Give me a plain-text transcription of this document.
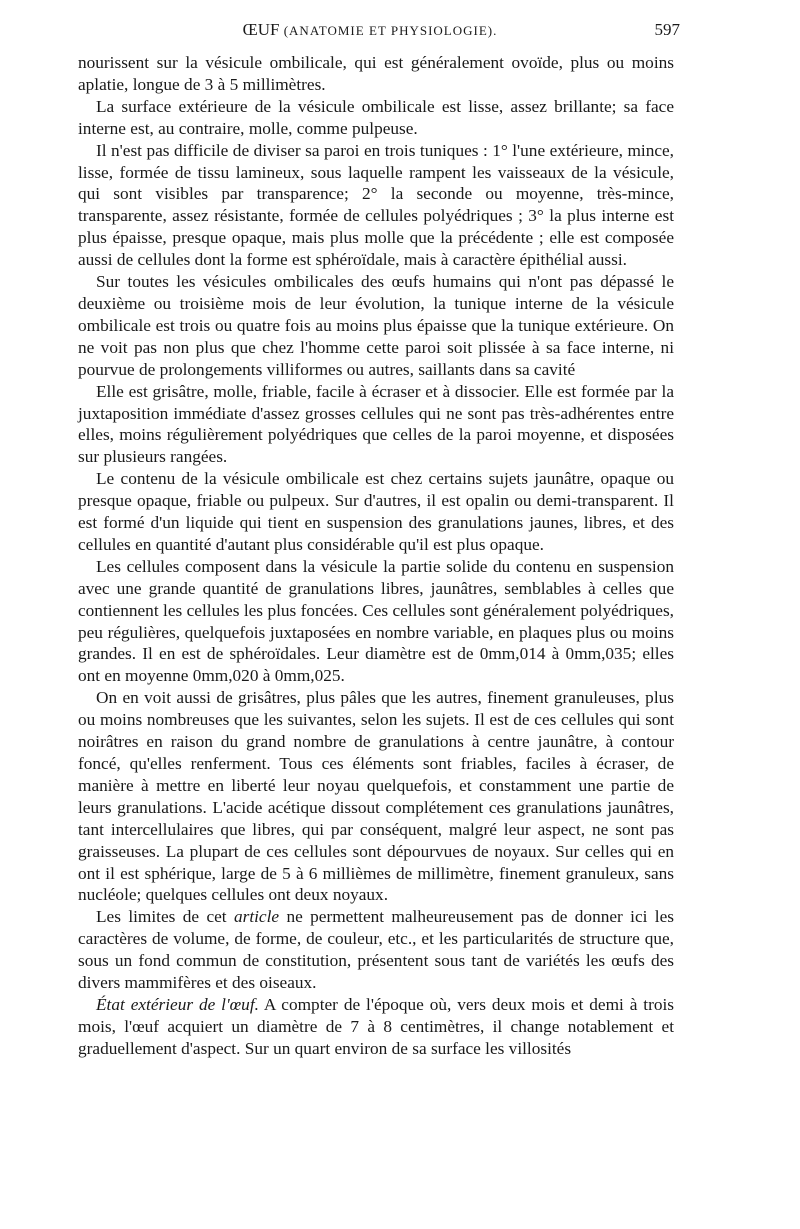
ŒUF (ANATOMIE ET PHYSIOLOGIE).	597

nourissent sur la vésicule ombilicale, qui est généralement ovoïde, plus ou moins aplatie, longue de 3 à 5 millimètres.

La surface extérieure de la vésicule ombilicale est lisse, assez brillante; sa face interne est, au contraire, molle, comme pulpeuse.

Il n'est pas difficile de diviser sa paroi en trois tuniques : 1° l'une extérieure, mince, lisse, formée de tissu lamineux, sous laquelle rampent les vaisseaux de la vésicule, qui sont visibles par transparence; 2° la seconde ou moyenne, très-mince, transparente, assez résistante, formée de cellules polyédriques ; 3° la plus interne est plus épaisse, presque opaque, mais plus molle que la précédente ; elle est composée aussi de cellules dont la forme est sphéroïdale, mais à caractère épithélial aussi.

Sur toutes les vésicules ombilicales des œufs humains qui n'ont pas dépassé le deuxième ou troisième mois de leur évolution, la tunique interne de la vésicule ombilicale est trois ou quatre fois au moins plus épaisse que la tunique extérieure. On ne voit pas non plus que chez l'homme cette paroi soit plissée à sa face interne, ni pourvue de prolongements villiformes ou autres, saillants dans sa cavité

Elle est grisâtre, molle, friable, facile à écraser et à dissocier. Elle est formée par la juxtaposition immédiate d'assez grosses cellules qui ne sont pas très-adhérentes entre elles, moins régulièrement polyédriques que celles de la paroi moyenne, et disposées sur plusieurs rangées.

Le contenu de la vésicule ombilicale est chez certains sujets jaunâtre, opaque ou presque opaque, friable ou pulpeux. Sur d'autres, il est opalin ou demi-transparent. Il est formé d'un liquide qui tient en suspension des granulations jaunes, libres, et des cellules en quantité d'autant plus considérable qu'il est plus opaque.

Les cellules composent dans la vésicule la partie solide du contenu en suspension avec une grande quantité de granulations libres, jaunâtres, semblables à celles que contiennent les cellules les plus foncées. Ces cellules sont généralement polyédriques, peu régulières, quelquefois juxtaposées en nombre variable, en plaques plus ou moins grandes. Il en est de sphéroïdales. Leur diamètre est de 0mm,014 à 0mm,035; elles ont en moyenne 0mm,020 à 0mm,025.

On en voit aussi de grisâtres, plus pâles que les autres, finement granuleuses, plus ou moins nombreuses que les suivantes, selon les sujets. Il est de ces cellules qui sont noirâtres en raison du grand nombre de granulations à centre jaunâtre, à contour foncé, qu'elles renferment. Tous ces éléments sont friables, faciles à écraser, de manière à mettre en liberté leur noyau quelquefois, et constamment une partie de leurs granulations. L'acide acétique dissout complétement ces granulations jaunâtres, tant intercellulaires que libres, qui par conséquent, malgré leur aspect, ne sont pas graisseuses. La plupart de ces cellules sont dépourvues de noyaux. Sur celles qui en ont il est sphérique, large de 5 à 6 millièmes de millimètre, finement granuleux, sans nucléole; quelques cellules ont deux noyaux.

Les limites de cet article ne permettent malheureusement pas de donner ici les caractères de volume, de forme, de couleur, etc., et les particularités de structure que, sous un fond commun de constitution, présentent sous tant de variétés les œufs des divers mammifères et des oiseaux.

État extérieur de l'œuf. A compter de l'époque où, vers deux mois et demi à trois mois, l'œuf acquiert un diamètre de 7 à 8 centimètres, il change notablement et graduellement d'aspect. Sur un quart environ de sa surface les villosités
